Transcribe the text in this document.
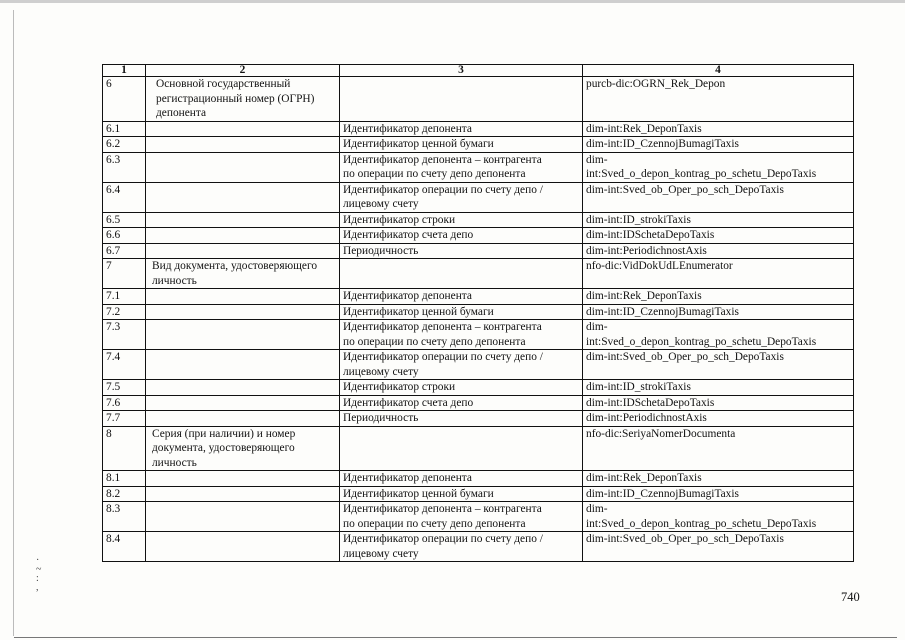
·
~
:
,
1	2	3	4
6	Основной государственный регистрационный номер (ОГРН) депонента		purcb-dic:OGRN_Rek_Depon
6.1		Идентификатор депонента	dim-int:Rek_DeponTaxis
6.2		Идентификатор ценной бумаги	dim-int:ID_CzennojBumagiTaxis
6.3		Идентификатор депонента – контрагента
по операции по счету депо депонента	dim-
int:Sved_o_depon_kontrag_po_schetu_DepoTaxis
6.4		Идентификатор операции по счету депо /
лицевому счету	dim-int:Sved_ob_Oper_po_sch_DepoTaxis
6.5		Идентификатор строки	dim-int:ID_strokiTaxis
6.6		Идентификатор счета депо	dim-int:IDSchetaDepoTaxis
6.7		Периодичность	dim-int:PeriodichnostAxis
7	Вид документа, удостоверяющего личность		nfo-dic:VidDokUdLEnumerator
7.1		Идентификатор депонента	dim-int:Rek_DeponTaxis
7.2		Идентификатор ценной бумаги	dim-int:ID_CzennojBumagiTaxis
7.3		Идентификатор депонента – контрагента
по операции по счету депо депонента	dim-
int:Sved_o_depon_kontrag_po_schetu_DepoTaxis
7.4		Идентификатор операции по счету депо /
лицевому счету	dim-int:Sved_ob_Oper_po_sch_DepoTaxis
7.5		Идентификатор строки	dim-int:ID_strokiTaxis
7.6		Идентификатор счета депо	dim-int:IDSchetaDepoTaxis
7.7		Периодичность	dim-int:PeriodichnostAxis
8	Серия (при наличии) и номер документа, удостоверяющего личность		nfo-dic:SeriyaNomerDocumenta
8.1		Идентификатор депонента	dim-int:Rek_DeponTaxis
8.2		Идентификатор ценной бумаги	dim-int:ID_CzennojBumagiTaxis
8.3		Идентификатор депонента – контрагента
по операции по счету депо депонента	dim-
int:Sved_o_depon_kontrag_po_schetu_DepoTaxis
8.4		Идентификатор операции по счету депо /
лицевому счету	dim-int:Sved_ob_Oper_po_sch_DepoTaxis
740
